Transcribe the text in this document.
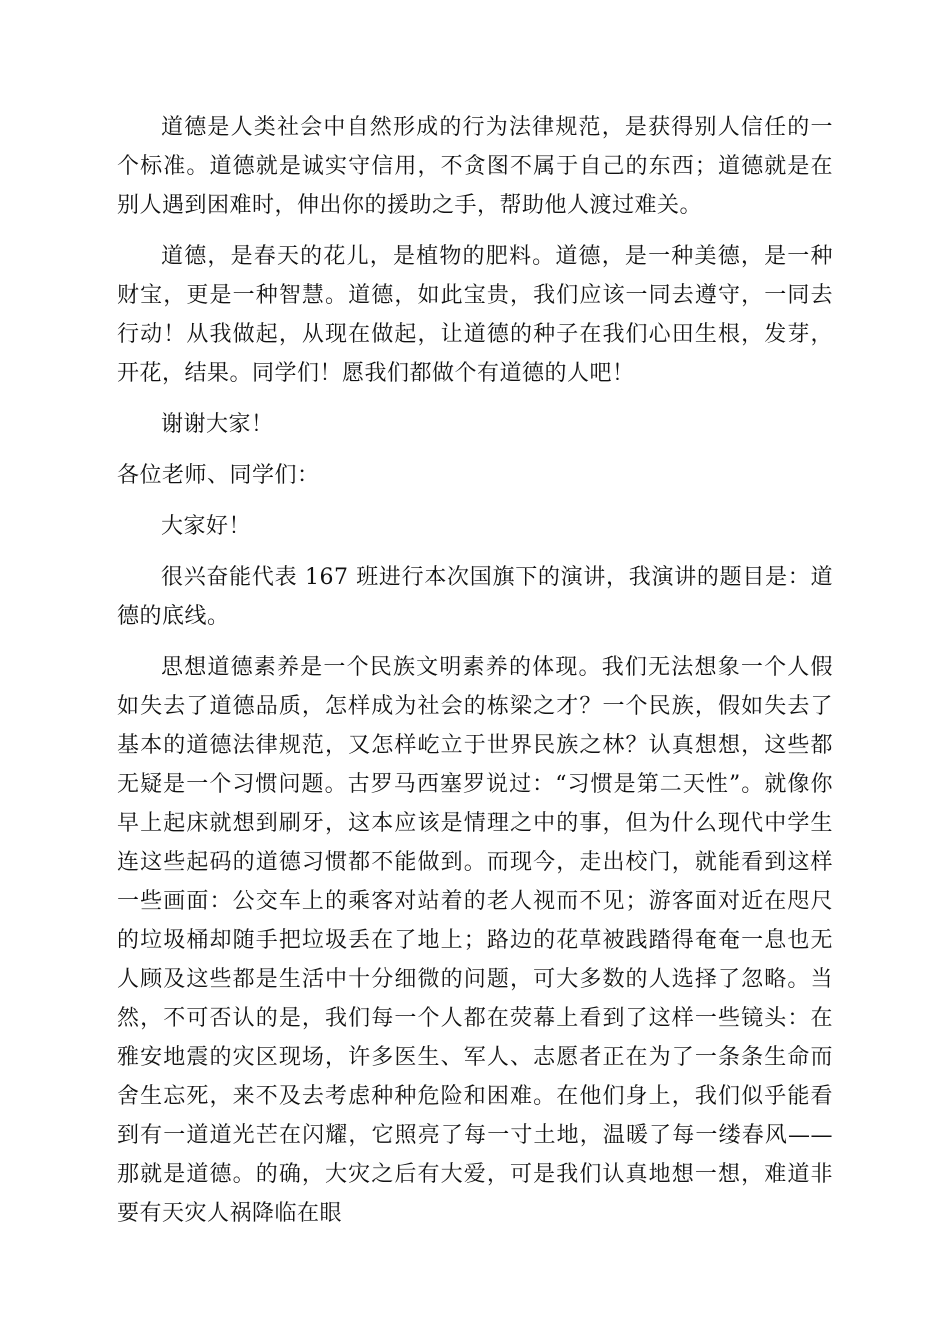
道德是人类社会中自然形成的行为法律规范，是获得别人信任的一个标准。道德就是诚实守信用，不贪图不属于自己的东西；道德就是在别人遇到困难时，伸出你的援助之手，帮助他人渡过难关。

道德，是春天的花儿，是植物的肥料。道德，是一种美德，是一种财宝，更是一种智慧。道德，如此宝贵，我们应该一同去遵守，一同去行动！从我做起，从现在做起，让道德的种子在我们心田生根，发芽，开花，结果。同学们！愿我们都做个有道德的人吧！

谢谢大家！

各位老师、同学们：

大家好！

很兴奋能代表 167 班进行本次国旗下的演讲，我演讲的题目是：道德的底线。

思想道德素养是一个民族文明素养的体现。我们无法想象一个人假如失去了道德品质，怎样成为社会的栋梁之才？一个民族，假如失去了基本的道德法律规范，又怎样屹立于世界民族之林？认真想想，这些都无疑是一个习惯问题。古罗马西塞罗说过：“习惯是第二天性”。就像你早上起床就想到刷牙，这本应该是情理之中的事，但为什么现代中学生连这些起码的道德习惯都不能做到。而现今，走出校门，就能看到这样一些画面：公交车上的乘客对站着的老人视而不见；游客面对近在咫尺的垃圾桶却随手把垃圾丢在了地上；路边的花草被践踏得奄奄一息也无人顾及这些都是生活中十分细微的问题，可大多数的人选择了忽略。当然，不可否认的是，我们每一个人都在荧幕上看到了这样一些镜头：在雅安地震的灾区现场，许多医生、军人、志愿者正在为了一条条生命而舍生忘死，来不及去考虑种种危险和困难。在他们身上，我们似乎能看到有一道道光芒在闪耀，它照亮了每一寸土地，温暖了每一缕春风——那就是道德。的确，大灾之后有大爱，可是我们认真地想一想，难道非要有天灾人祸降临在眼
